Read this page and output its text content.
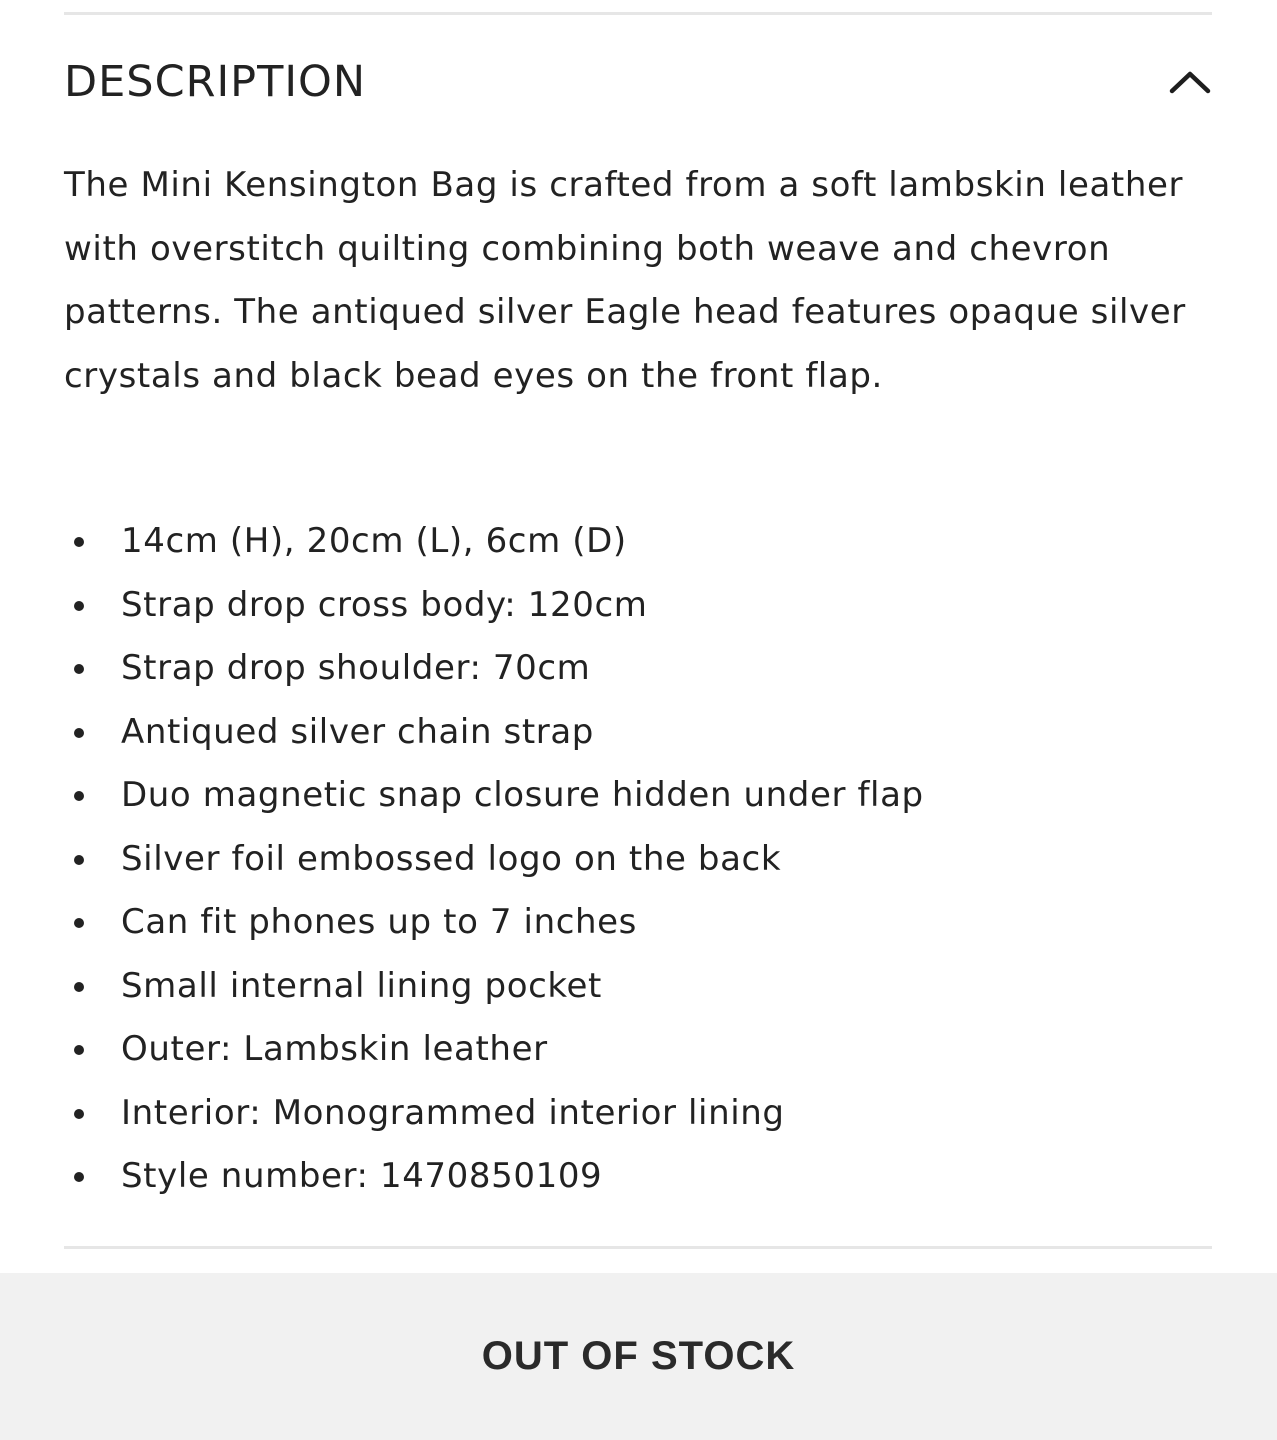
DESCRIPTION

The Mini Kensington Bag is crafted from a soft lambskin leather with overstitch quilting combining both weave and chevron patterns. The antiqued silver Eagle head features opaque silver crystals and black bead eyes on the front flap.

14cm (H), 20cm (L), 6cm (D)
Strap drop cross body: 120cm
Strap drop shoulder: 70cm
Antiqued silver chain strap
Duo magnetic snap closure hidden under flap
Silver foil embossed logo on the back
Can fit phones up to 7 inches
Small internal lining pocket
Outer: Lambskin leather
Interior: Monogrammed interior lining
Style number: 1470850109
OUT OF STOCK
